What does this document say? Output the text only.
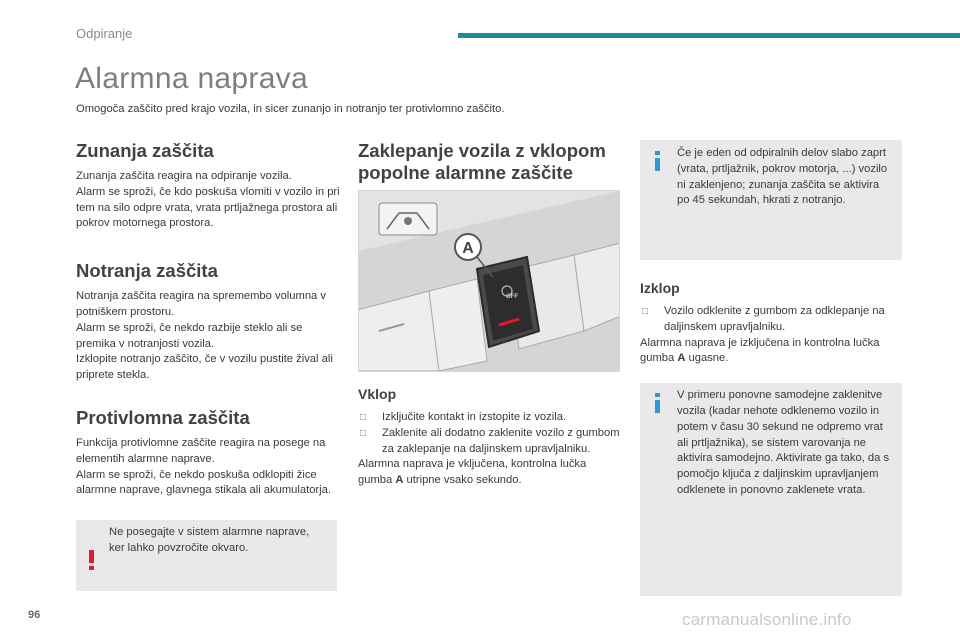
Odpiranje
Alarmna naprava
Omogoča zaščito pred krajo vozila, in sicer zunanjo in notranjo ter protivlomno zaščito.
Zunanja zaščita

Zunanja zaščita reagira na odpiranje vozila.

Alarm se sproži, če kdo poskuša vlomiti v vozilo in pri tem na silo odpre vrata, vrata prtljažnega prostora ali pokrov motornega prostora.

Notranja zaščita

Notranja zaščita reagira na spremembo volumna v potniškem prostoru.

Alarm se sproži, če nekdo razbije steklo ali se premika v notranjosti vozila.

Izklopite notranjo zaščito, če v vozilu pustite žival ali priprete stekla.

Protivlomna zaščita

Funkcija protivlomne zaščite reagira na posege na elementih alarmne naprave.

Alarm se sproži, če nekdo poskuša odklopiti žice alarmne naprave, glavnega stikala ali akumulatorja.

Ne posegajte v sistem alarmne naprave, ker lahko povzročite okvaro.
Zaklepanje vozila z vklopom popolne alarmne zaščite
A
OFF
Vklop
□ Izključite kontakt in izstopite iz vozila.
□ Zaklenite ali dodatno zaklenite vozilo z gumbom za zaklepanje na daljinskem upravljalniku.
Alarmna naprava je vključena, kontrolna lučka gumba A utripne vsako sekundo.
Če je eden od odpiralnih delov slabo zaprt (vrata, prtljažnik, pokrov motorja, ...) vozilo ni zaklenjeno; zunanja zaščita se aktivira po 45 sekundah, hkrati z notranjo.
Izklop
□ Vozilo odklenite z gumbom za odklepanje na daljinskem upravljalniku.
Alarmna naprava je izključena in kontrolna lučka gumba A ugasne.
V primeru ponovne samodejne zaklenitve vozila (kadar nehote odklenemo vozilo in potem v času 30 sekund ne odpremo vrat ali prtljažnika), se sistem varovanja ne aktivira samodejno. Aktivirate ga tako, da s pomočjo ključa z daljinskim upravljanjem odklenete in ponovno zaklenete vrata.
96	carmanualsonline.info
